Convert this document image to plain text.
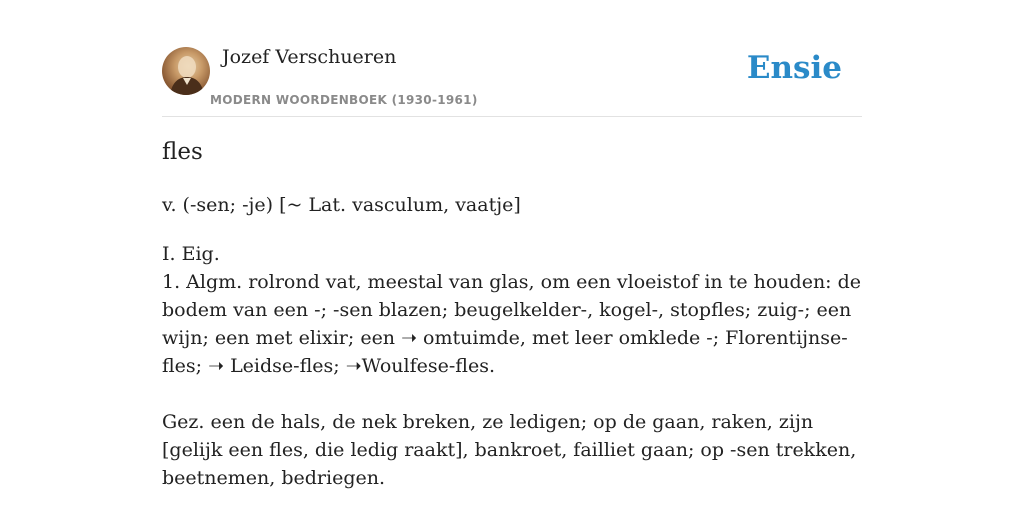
Jozef Verschueren
MODERN WOORDENBOEK (1930-1961)
Ensie
fles
v. (-sen; -je) [~ Lat. vasculum, vaatje]

I. Eig.

1. Algm. rolrond vat, meestal van glas, om een vloeistof in te houden: de bodem van een -; -sen blazen; beugelkelder-, kogel-, stopfles; zuig-; een wijn; een met elixir; een ➝ omtuimde, met leer omklede -; Florentijnse-fles; ➝ Leidse-fles; ➝Woulfese-fles.

Gez. een de hals, de nek breken, ze ledigen; op de gaan, raken, zijn [gelijk een fles, die ledig raakt], bankroet, failliet gaan; op -sen trekken, beetnemen, bedriegen.
